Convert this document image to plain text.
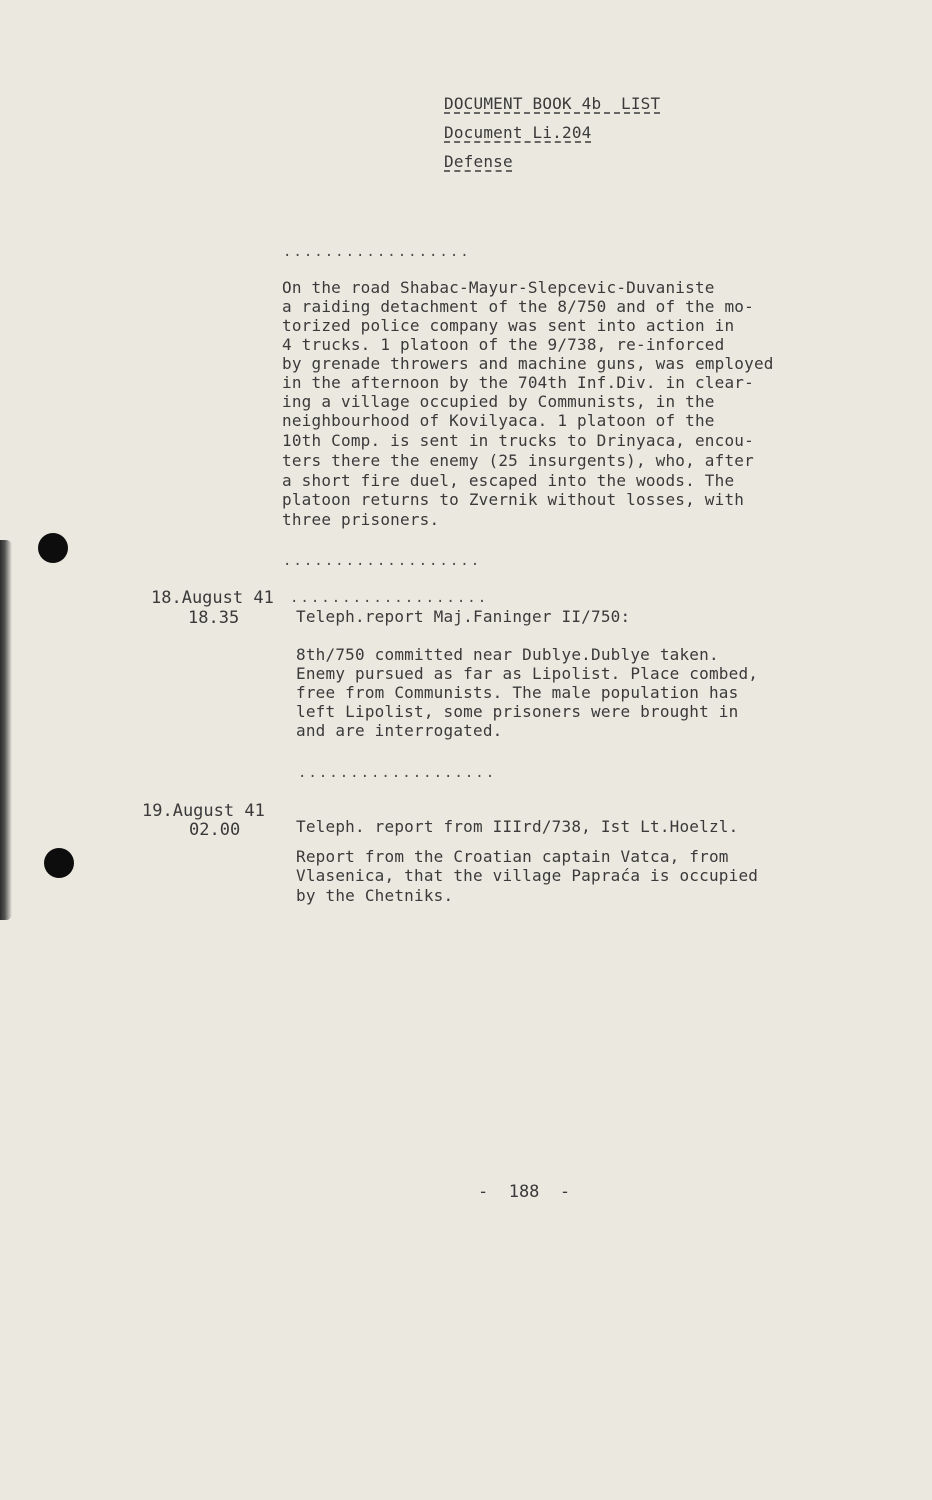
DOCUMENT BOOK 4b  LIST
Document Li.204
Defense
..................
On the road Shabac-Mayur-Slepcevic-Duvaniste
a raiding detachment of the 8/750 and of the mo-
torized police company was sent into action in
4 trucks. 1 platoon of the 9/738, re-inforced
by grenade throwers and machine guns, was employed
in the afternoon by the 704th Inf.Div. in clear-
ing a village occupied by Communists, in the
neighbourhood of Kovilyaca. 1 platoon of the
10th Comp. is sent in trucks to Drinyaca, encou-
ters there the enemy (25 insurgents), who, after
a short fire duel, escaped into the woods. The
platoon returns to Zvernik without losses, with
three prisoners.
...................
18.August 41 ...................
18.35	Teleph.report Maj.Faninger II/750:
8th/750 committed near Dublye.Dublye taken.
Enemy pursued as far as Lipolist. Place combed,
free from Communists. The male population has
left Lipolist, some prisoners were brought in
and are interrogated.
...................
19.August 41
02.00	Teleph. report from IIIrd/738, Ist Lt.Hoelzl.
Report from the Croatian captain Vatca, from
Vlasenica, that the village Papraća is occupied
by the Chetniks.
-  188  -
